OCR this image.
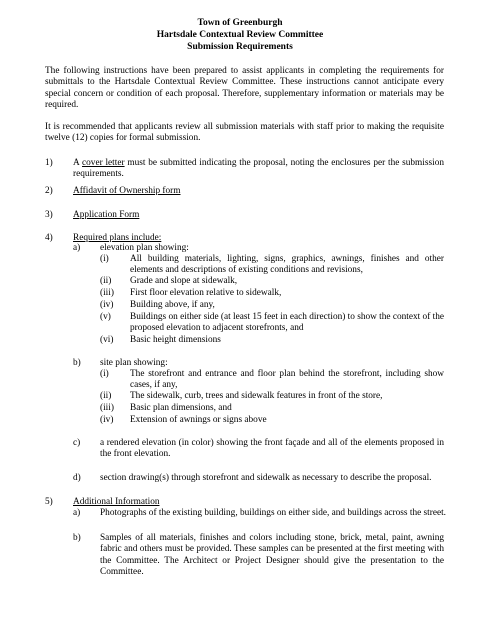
Town of Greenburgh
Hartsdale Contextual Review Committee
Submission Requirements
The following instructions have been prepared to assist applicants in completing the requirements for submittals to the Hartsdale Contextual Review Committee. These instructions cannot anticipate every special concern or condition of each proposal. Therefore, supplementary information or materials may be required.
It is recommended that applicants review all submission materials with staff prior to making the requisite twelve (12) copies for formal submission.
1) A cover letter must be submitted indicating the proposal, noting the enclosures per the submission requirements.
2) Affidavit of Ownership form
3) Application Form
4) Required plans include:
a) elevation plan showing:
(i) All building materials, lighting, signs, graphics, awnings, finishes and other elements and descriptions of existing conditions and revisions,
(ii) Grade and slope at sidewalk,
(iii) First floor elevation relative to sidewalk,
(iv) Building above, if any,
(v) Buildings on either side (at least 15 feet in each direction) to show the context of the proposed elevation to adjacent storefronts, and
(vi) Basic height dimensions
b) site plan showing:
(i) The storefront and entrance and floor plan behind the storefront, including show cases, if any,
(ii) The sidewalk, curb, trees and sidewalk features in front of the store,
(iii) Basic plan dimensions, and
(iv) Extension of awnings or signs above
c) a rendered elevation (in color) showing the front façade and all of the elements proposed in the front elevation.
d) section drawing(s) through storefront and sidewalk as necessary to describe the proposal.
5) Additional Information
a) Photographs of the existing building, buildings on either side, and buildings across the street.
b) Samples of all materials, finishes and colors including stone, brick, metal, paint, awning fabric and others must be provided. These samples can be presented at the first meeting with the Committee. The Architect or Project Designer should give the presentation to the Committee.
